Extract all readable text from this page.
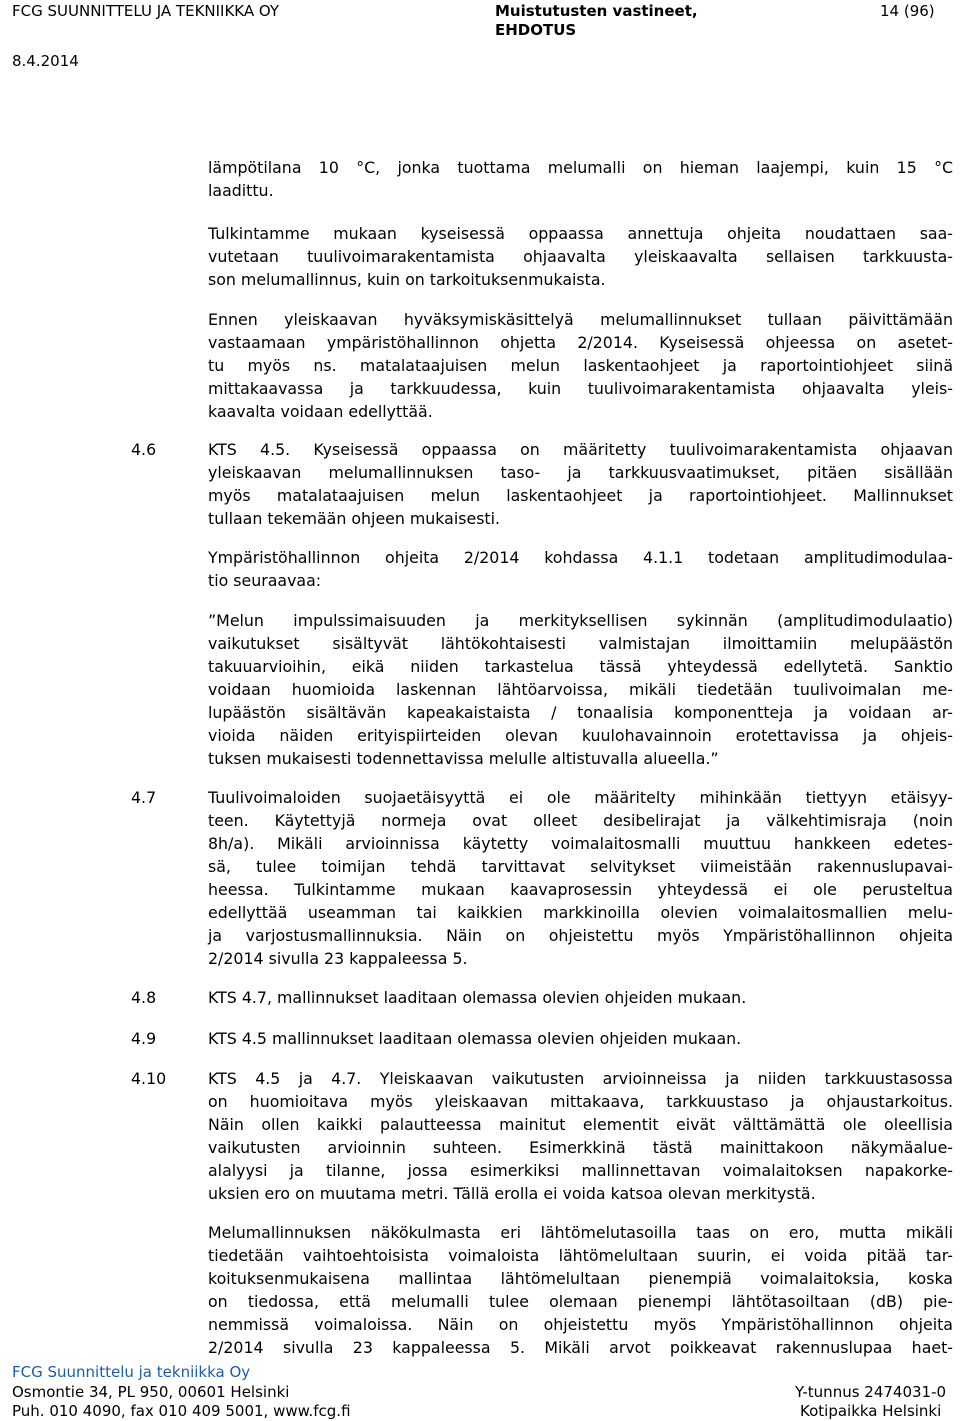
FCG SUUNNITTELU JA TEKNIIKKA OY	Muistutusten vastineet,
EHDOTUS
14 (96)
8.4.2014
lämpötilana 10 °C, jonka tuottama melumalli on hieman laajempi, kuin 15 °C
laadittu.
Tulkintamme mukaan kyseisessä oppaassa annettuja ohjeita noudattaen saa-
vutetaan tuulivoimarakentamista ohjaavalta yleiskaavalta sellaisen tarkkuusta-
son melumallinnus, kuin on tarkoituksenmukaista.
Ennen yleiskaavan hyväksymiskäsittelyä melumallinnukset tullaan päivittämään
vastaamaan ympäristöhallinnon ohjetta 2/2014. Kyseisessä ohjeessa on asetet-
tu myös ns. matalataajuisen melun laskentaohjeet ja raportointiohjeet siinä
mittakaavassa ja tarkkuudessa, kuin tuulivoimarakentamista ohjaavalta yleis-
kaavalta voidaan edellyttää.
4.6	KTS 4.5. Kyseisessä oppaassa on määritetty tuulivoimarakentamista ohjaavan
yleiskaavan melumallinnuksen taso- ja tarkkuusvaatimukset, pitäen sisällään
myös matalataajuisen melun laskentaohjeet ja raportointiohjeet. Mallinnukset
tullaan tekemään ohjeen mukaisesti.
Ympäristöhallinnon ohjeita 2/2014 kohdassa 4.1.1 todetaan amplitudimodulaa-
tio seuraavaa:
”Melun impulssimaisuuden ja merkityksellisen sykinnän (amplitudimodulaatio)
vaikutukset sisältyvät lähtökohtaisesti valmistajan ilmoittamiin melupäästön
takuuarvioihin, eikä niiden tarkastelua tässä yhteydessä edellytetä. Sanktio
voidaan huomioida laskennan lähtöarvoissa, mikäli tiedetään tuulivoimalan me-
lupäästön sisältävän kapeakaistaista / tonaalisia komponentteja ja voidaan ar-
vioida näiden erityispiirteiden olevan kuulohavainnoin erotettavissa ja ohjeis-
tuksen mukaisesti todennettavissa melulle altistuvalla alueella.”
4.7	Tuulivoimaloiden suojaetäisyyttä ei ole määritelty mihinkään tiettyyn etäisyy-
teen. Käytettyjä normeja ovat olleet desibelirajat ja välkehtimisraja (noin
8h/a). Mikäli arvioinnissa käytetty voimalaitosmalli muuttuu hankkeen edetes-
sä, tulee toimijan tehdä tarvittavat selvitykset viimeistään rakennuslupavai-
heessa. Tulkintamme mukaan kaavaprosessin yhteydessä ei ole perusteltua
edellyttää useamman tai kaikkien markkinoilla olevien voimalaitosmallien melu-
ja varjostusmallinnuksia. Näin on ohjeistettu myös Ympäristöhallinnon ohjeita
2/2014 sivulla 23 kappaleessa 5.
4.8	KTS 4.7, mallinnukset laaditaan olemassa olevien ohjeiden mukaan.
4.9	KTS 4.5 mallinnukset laaditaan olemassa olevien ohjeiden mukaan.
4.10	KTS 4.5 ja 4.7. Yleiskaavan vaikutusten arvioinneissa ja niiden tarkkuustasossa
on huomioitava myös yleiskaavan mittakaava, tarkkuustaso ja ohjaustarkoitus.
Näin ollen kaikki palautteessa mainitut elementit eivät välttämättä ole oleellisia
vaikutusten arvioinnin suhteen. Esimerkkinä tästä mainittakoon näkymäalue-
alalyysi ja tilanne, jossa esimerkiksi mallinnettavan voimalaitoksen napakorke-
uksien ero on muutama metri. Tällä erolla ei voida katsoa olevan merkitystä.
Melumallinnuksen näkökulmasta eri lähtömelutasoilla taas on ero, mutta mikäli
tiedetään vaihtoehtoisista voimaloista lähtömelultaan suurin, ei voida pitää tar-
koituksenmukaisena mallintaa lähtömelultaan pienempiä voimalaitoksia, koska
on tiedossa, että melumalli tulee olemaan pienempi lähtötasoiltaan (dB) pie-
nemmissä voimaloissa. Näin on ohjeistettu myös Ympäristöhallinnon ohjeita
2/2014 sivulla 23 kappaleessa 5. Mikäli arvot poikkeavat rakennuslupaa haet-
FCG Suunnittelu ja tekniikka Oy
Osmontie 34, PL 950, 00601 Helsinki
Puh. 010 4090, fax 010 409 5001, www.fcg.fi
Y-tunnus 2474031-0
Kotipaikka Helsinki
